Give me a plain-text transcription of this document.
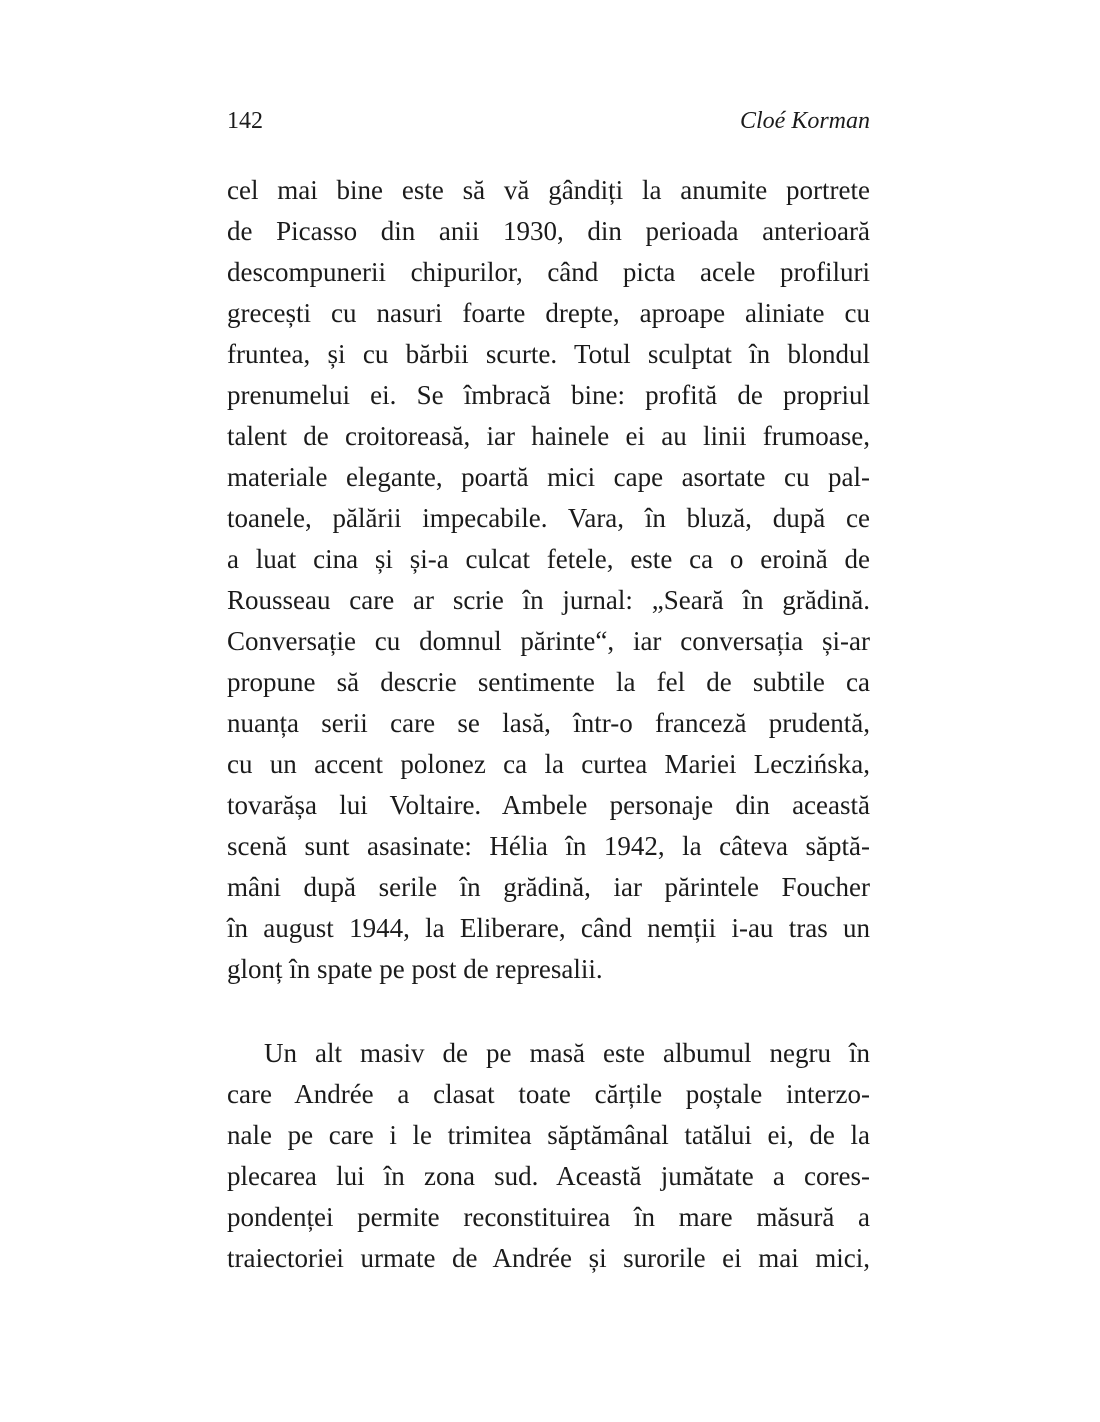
142	Cloé Korman
cel mai bine este să vă gândiți la anumite portrete
de Picasso din anii 1930, din perioada anterioară
descompunerii chipurilor, când picta acele profiluri
grecești cu nasuri foarte drepte, aproape aliniate cu
fruntea, și cu bărbii scurte. Totul sculptat în blondul
prenumelui ei. Se îmbracă bine: profită de propriul
talent de croitoreasă, iar hainele ei au linii frumoase,
materiale elegante, poartă mici cape asortate cu pal-
toanele, pălării impecabile. Vara, în bluză, după ce
a luat cina și și-a culcat fetele, este ca o eroină de
Rousseau care ar scrie în jurnal: „Seară în grădină.
Conversație cu domnul părinte“, iar conversația și-ar
propune să descrie sentimente la fel de subtile ca
nuanța serii care se lasă, într-o franceză prudentă,
cu un accent polonez ca la curtea Mariei Leczińska,
tovarășa lui Voltaire. Ambele personaje din această
scenă sunt asasinate: Hélia în 1942, la câteva săptă-
mâni după serile în grădină, iar părintele Foucher
în august 1944, la Eliberare, când nemții i-au tras un
glonț în spate pe post de represalii.
Un alt masiv de pe masă este albumul negru în
care Andrée a clasat toate cărțile poștale interzo-
nale pe care i le trimitea săptămânal tatălui ei, de la
plecarea lui în zona sud. Această jumătate a cores-
pondenței permite reconstituirea în mare măsură a
traiectoriei urmate de Andrée și surorile ei mai mici,
